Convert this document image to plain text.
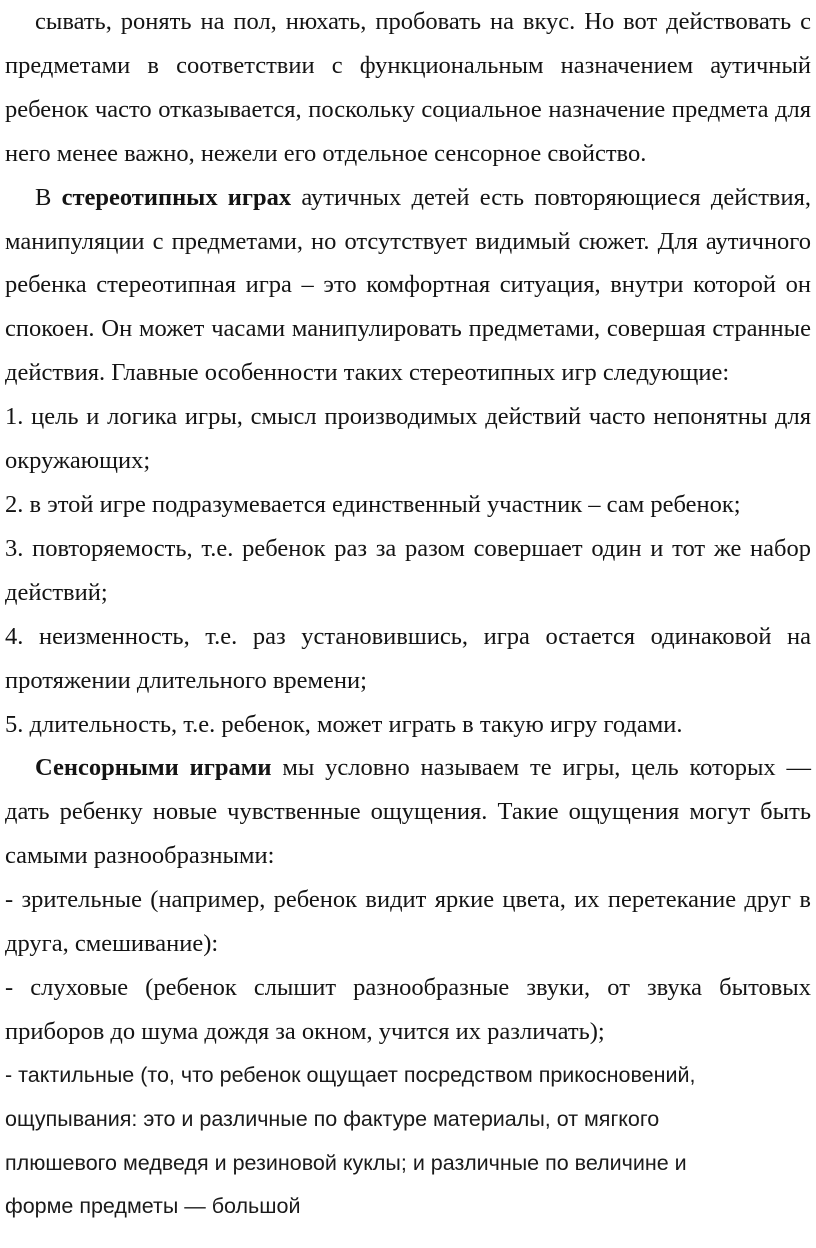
сывать, ронять на пол, нюхать, пробовать на вкус. Но вот действовать с предметами в соответствии с функциональным назначением аутичный ребенок часто отказывается, поскольку социальное назначение предмета для него менее важно, нежели его отдельное сенсорное свойство.

В стереотипных играх аутичных детей есть повторяющиеся действия, манипуляции с предметами, но отсутствует видимый сюжет. Для аутичного ребенка стереотипная игра – это комфортная ситуация, внутри которой он спокоен. Он может часами манипулировать предметами, совершая странные действия. Главные особенности таких стереотипных игр следующие:

1. цель и логика игры, смысл производимых действий часто непонятны для окружающих;

2. в этой игре подразумевается единственный участник – сам ребенок;

3. повторяемость, т.е. ребенок раз за разом совершает один и тот же набор действий;

4. неизменность, т.е. раз установившись, игра остается одинаковой на протяжении длительного времени;

5. длительность, т.е. ребенок, может играть в такую игру годами.

Сенсорными играми мы условно называем те игры, цель которых — дать ребенку новые чувственные ощущения. Такие ощущения могут быть самыми разнообразными:

- зрительные (например, ребенок видит яркие цвета, их перетекание друг в друга, смешивание):

- слуховые (ребенок слышит разнообразные звуки, от звука бытовых приборов до шума дождя за окном, учится их различать);

- тактильные (то, что ребенок ощущает посредством прикосновений,

ощупывания: это и различные по фактуре материалы, от мягкого

плюшевого медведя и резиновой куклы; и различные по величине и

форме предметы — большой
